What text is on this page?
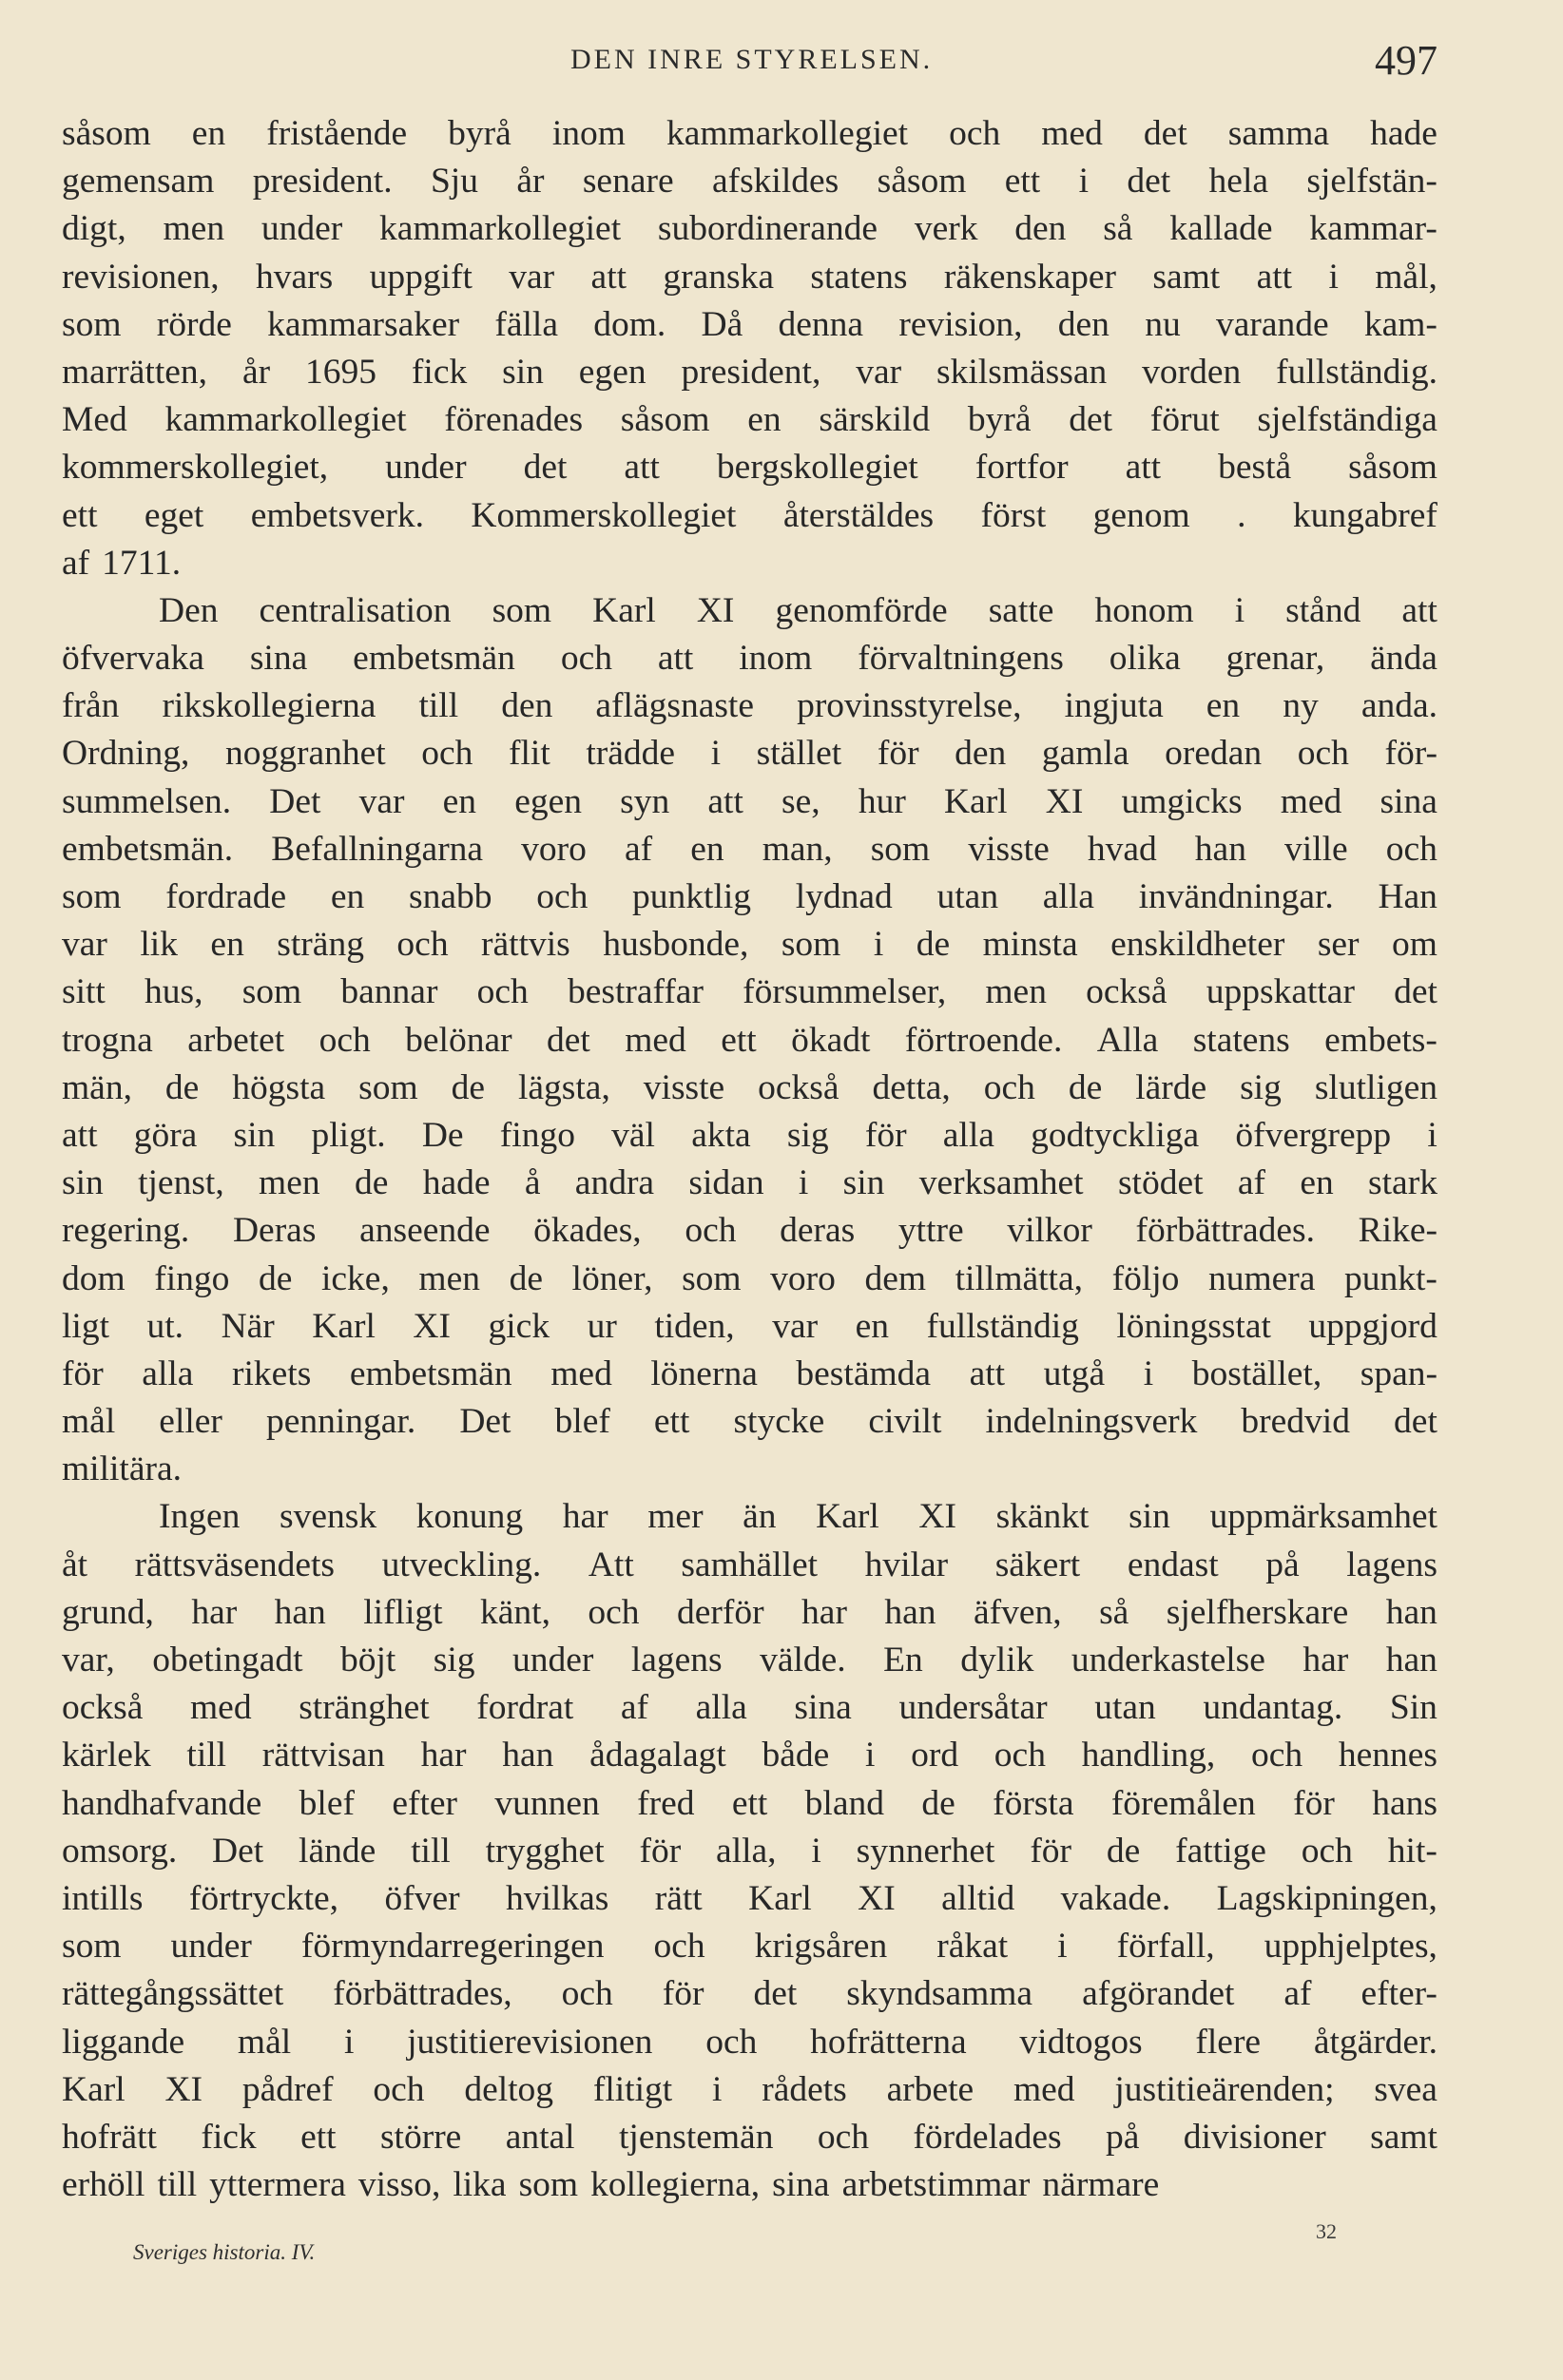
DEN INRE STYRELSEN.	497
såsom en fristående byrå inom kammarkollegiet och med det samma hade
gemensam president. Sju år senare afskildes såsom ett i det hela sjelfstän-
digt, men under kammarkollegiet subordinerande verk den så kallade kammar-
revisionen, hvars uppgift var att granska statens räkenskaper samt att i mål,
som rörde kammarsaker fälla dom. Då denna revision, den nu varande kam-
marrätten, år 1695 fick sin egen president, var skilsmässan vorden fullständig.
Med kammarkollegiet förenades såsom en särskild byrå det förut sjelfständiga
kommerskollegiet, under det att bergskollegiet fortfor att bestå såsom
ett eget embetsverk. Kommerskollegiet återstäldes först genom . kungabref
af 1711.
Den centralisation som Karl XI genomförde satte honom i stånd att
öfvervaka sina embetsmän och att inom förvaltningens olika grenar, ända
från rikskollegierna till den aflägsnaste provinsstyrelse, ingjuta en ny anda.
Ordning, noggranhet och flit trädde i stället för den gamla oredan och för-
summelsen. Det var en egen syn att se, hur Karl XI umgicks med sina
embetsmän. Befallningarna voro af en man, som visste hvad han ville och
som fordrade en snabb och punktlig lydnad utan alla invändningar. Han
var lik en sträng och rättvis husbonde, som i de minsta enskildheter ser om
sitt hus, som bannar och bestraffar försummelser, men också uppskattar det
trogna arbetet och belönar det med ett ökadt förtroende. Alla statens embets-
män, de högsta som de lägsta, visste också detta, och de lärde sig slutligen
att göra sin pligt. De fingo väl akta sig för alla godtyckliga öfvergrepp i
sin tjenst, men de hade å andra sidan i sin verksamhet stödet af en stark
regering. Deras anseende ökades, och deras yttre vilkor förbättrades. Rike-
dom fingo de icke, men de löner, som voro dem tillmätta, följo numera punkt-
ligt ut. När Karl XI gick ur tiden, var en fullständig löningsstat uppgjord
för alla rikets embetsmän med lönerna bestämda att utgå i bostället, span-
mål eller penningar. Det blef ett stycke civilt indelningsverk bredvid det
militära.
Ingen svensk konung har mer än Karl XI skänkt sin uppmärksamhet
åt rättsväsendets utveckling. Att samhället hvilar säkert endast på lagens
grund, har han lifligt känt, och derför har han äfven, så sjelfherskare han
var, obetingadt böjt sig under lagens välde. En dylik underkastelse har han
också med stränghet fordrat af alla sina undersåtar utan undantag. Sin
kärlek till rättvisan har han ådagalagt både i ord och handling, och hennes
handhafvande blef efter vunnen fred ett bland de första föremålen för hans
omsorg. Det lände till trygghet för alla, i synnerhet för de fattige och hit-
intills förtryckte, öfver hvilkas rätt Karl XI alltid vakade. Lagskipningen,
som under förmyndarregeringen och krigsåren råkat i förfall, upphjelptes,
rättegångssättet förbättrades, och för det skyndsamma afgörandet af efter-
liggande mål i justitierevisionen och hofrätterna vidtogos flere åtgärder.
Karl XI pådref och deltog flitigt i rådets arbete med justitieärenden; svea
hofrätt fick ett större antal tjenstemän och fördelades på divisioner samt
erhöll till yttermera visso, lika som kollegierna, sina arbetstimmar närmare
Sveriges historia. IV.
32
